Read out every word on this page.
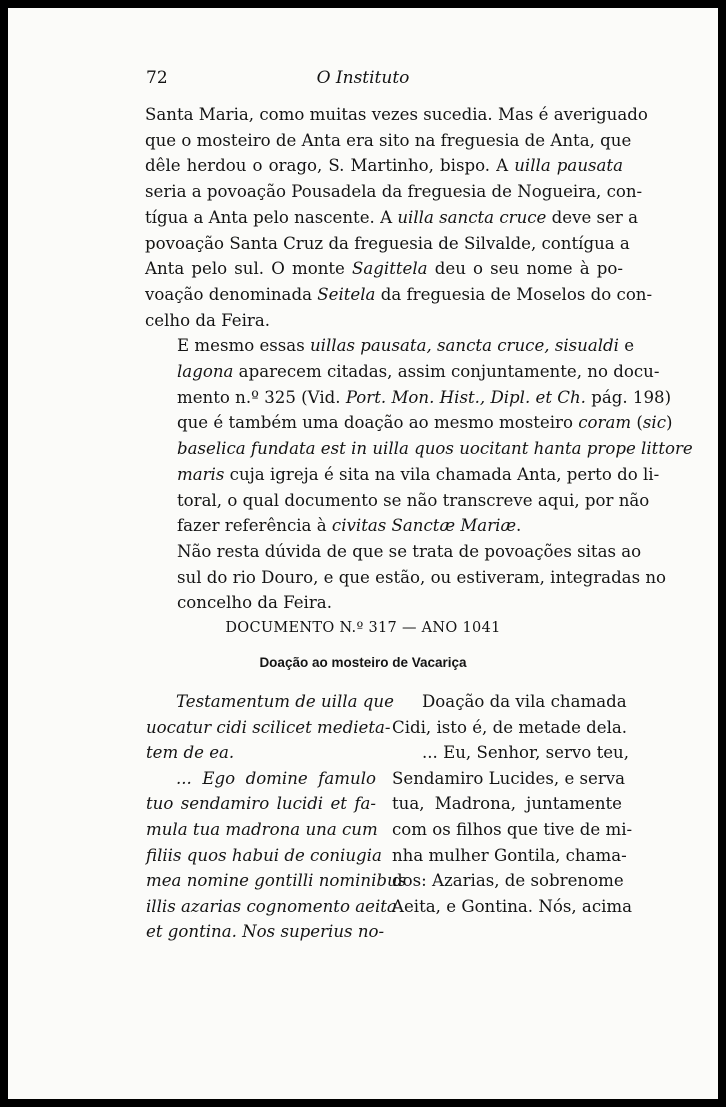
72	O Instituto

Santa Maria, como muitas vezes sucedia. Mas é averiguado
que o mosteiro de Anta era sito na freguesia de Anta, que
dêle herdou o orago, S. Martinho, bispo. A uilla pausata
seria a povoação Pousadela da freguesia de Nogueira, con-
tígua a Anta pelo nascente. A uilla sancta cruce deve ser a
povoação Santa Cruz da freguesia de Silvalde, contígua a
Anta pelo sul. O monte Sagittela deu o seu nome à po-
voação denominada Seitela da freguesia de Moselos do con-
celho da Feira.

E mesmo essas uillas pausata, sancta cruce, sisualdi e
lagona aparecem citadas, assim conjuntamente, no docu-
mento n.º 325 (Vid. Port. Mon. Hist., Dipl. et Ch. pág. 198)
que é também uma doação ao mesmo mosteiro coram (sic)
baselica fundata est in uilla quos uocitant hanta prope littore
maris cuja igreja é sita na vila chamada Anta, perto do li-
toral, o qual documento se não transcreve aqui, por não
fazer referência à civitas Sanctæ Mariæ.

Não resta dúvida de que se trata de povoações sitas ao
sul do rio Douro, e que estão, ou estiveram, integradas no
concelho da Feira.

DOCUMENTO N.º 317 — ANO 1041
Doação ao mosteiro de Vacariça
Testamentum de uilla que
uocatur cidi scilicet medieta-
tem de ea.
... Ego domine famulo
tuo sendamiro lucidi et fa-
mula tua madrona una cum
filiis quos habui de coniugia
mea nomine gontilli nominibus
illis azarias cognomento aeita
et gontina. Nos superius no-
Doação da vila chamada
Cidi, isto é, de metade dela.
... Eu, Senhor, servo teu,
Sendamiro Lucides, e serva
tua, Madrona, juntamente
com os filhos que tive de mi-
nha mulher Gontila, chama-
dos: Azarias, de sobrenome
Aeita, e Gontina. Nós, acima
